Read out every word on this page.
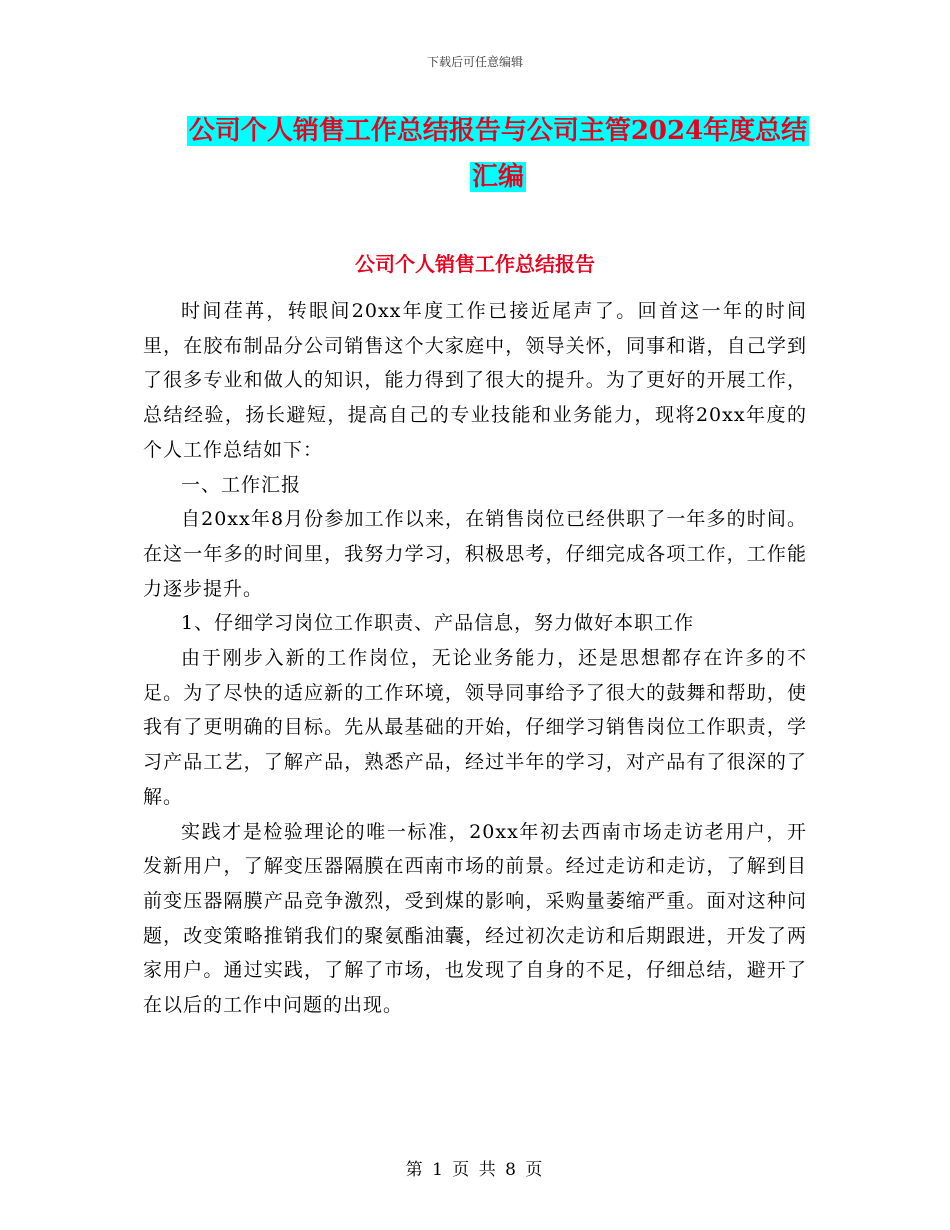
下载后可任意编辑
公司个人销售工作总结报告与公司主管2024年度总结
汇编
公司个人销售工作总结报告

时间荏苒，转眼间20xx年度工作已接近尾声了。回首这一年的时间里，在胶布制品分公司销售这个大家庭中，领导关怀，同事和谐，自己学到了很多专业和做人的知识，能力得到了很大的提升。为了更好的开展工作，总结经验，扬长避短，提高自己的专业技能和业务能力，现将20xx年度的个人工作总结如下：

一、工作汇报

自20xx年8月份参加工作以来，在销售岗位已经供职了一年多的时间。在这一年多的时间里，我努力学习，积极思考，仔细完成各项工作，工作能力逐步提升。

1、仔细学习岗位工作职责、产品信息，努力做好本职工作

由于刚步入新的工作岗位，无论业务能力，还是思想都存在许多的不足。为了尽快的适应新的工作环境，领导同事给予了很大的鼓舞和帮助，使我有了更明确的目标。先从最基础的开始，仔细学习销售岗位工作职责，学习产品工艺，了解产品，熟悉产品，经过半年的学习，对产品有了很深的了解。

实践才是检验理论的唯一标准，20xx年初去西南市场走访老用户，开发新用户，了解变压器隔膜在西南市场的前景。经过走访和走访，了解到目前变压器隔膜产品竞争激烈，受到煤的影响，采购量萎缩严重。面对这种问题，改变策略推销我们的聚氨酯油囊，经过初次走访和后期跟进，开发了两家用户。通过实践，了解了市场，也发现了自身的不足，仔细总结，避开了在以后的工作中问题的出现。

第 1 页 共 8 页
